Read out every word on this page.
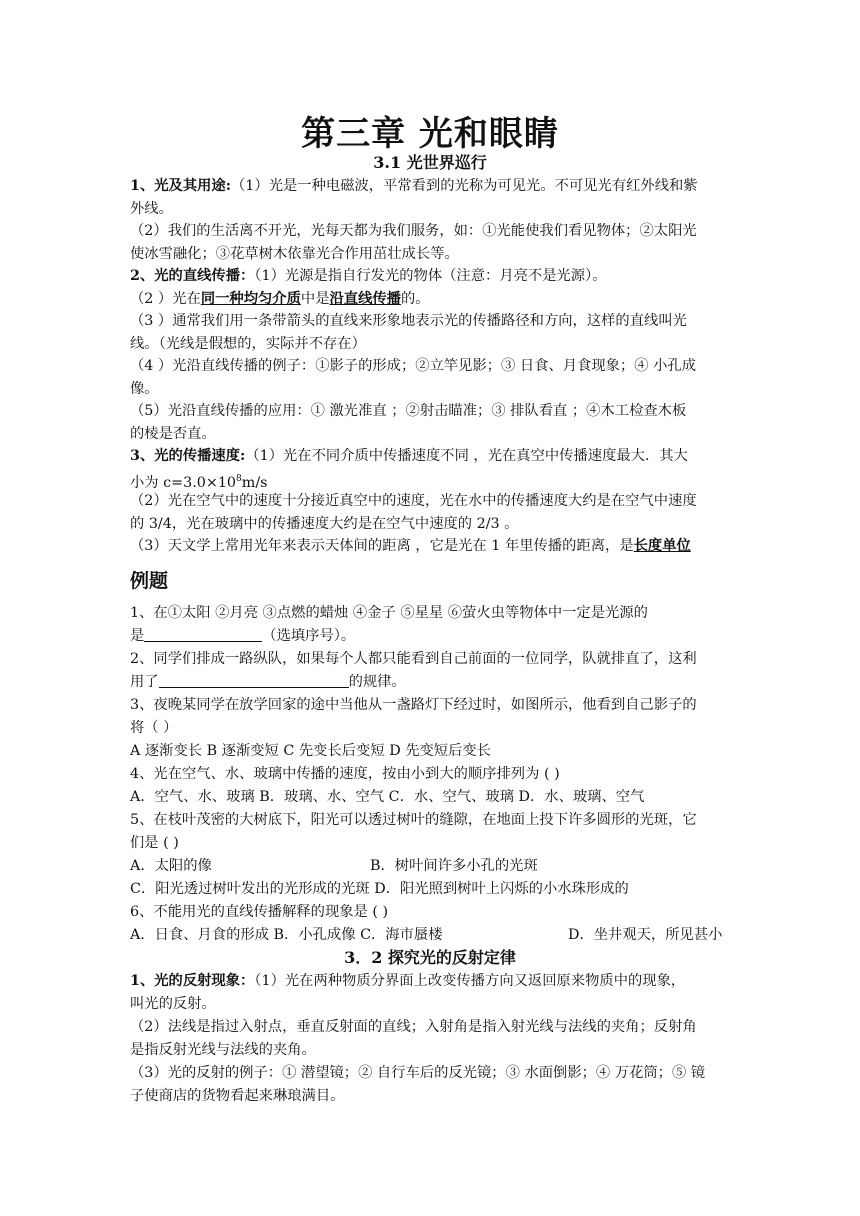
第三章 光和眼睛
3.1 光世界巡行
1、光及其用途:（1）光是一种电磁波，平常看到的光称为可见光。不可见光有红外线和紫
外线。
（2）我们的生活离不开光，光每天都为我们服务，如：①光能使我们看见物体；②太阳光
使冰雪融化；③花草树木依靠光合作用茁壮成长等。
2、光的直线传播：（1）光源是指自行发光的物体（注意：月亮不是光源）。
（2 ）光在同一种均匀介质中是沿直线传播的。
（3 ）通常我们用一条带箭头的直线来形象地表示光的传播路径和方向，这样的直线叫光
线。（光线是假想的，实际并不存在）
（4 ）光沿直线传播的例子：①影子的形成；②立竿见影；③ 日食、月食现象；④ 小孔成
像。
（5）光沿直线传播的应用：① 激光准直 ；②射击瞄准；③ 排队看直 ；④木工检查木板
的棱是否直。
3、光的传播速度:（1）光在不同介质中传播速度不同 ，光在真空中传播速度最大．其大
小为 $c=3.0\times 10^8m/s$
（2）光在空气中的速度十分接近真空中的速度，光在水中的传播速度大约是在空气中速度
的 3/4，光在玻璃中的传播速度大约是在空气中速度的 2/3 。
（3）天文学上常用光年来表示天体间的距离 ，它是光在 1 年里传播的距离，是长度单位
例题
1、在①太阳 ②月亮 ③点燃的蜡烛 ④金子 ⑤星星 ⑥萤火虫等物体中一定是光源的
是	（选填序号）。
2、同学们排成一路纵队，如果每个人都只能看到自己前面的一位同学，队就排直了，这利
用了	的规律。
3、夜晚某同学在放学回家的途中当他从一盏路灯下经过时，如图所示，他看到自己影子的
将（ ）
A 逐渐变长 B 逐渐变短 C 先变长后变短 D 先变短后变长
4、光在空气、水、玻璃中传播的速度，按由小到大的顺序排列为 ( )
A．空气、水、玻璃 B．玻璃、水、空气 C．水、空气、玻璃 D．水、玻璃、空气
5、在枝叶茂密的大树底下，阳光可以透过树叶的缝隙，在地面上投下许多圆形的光斑，它
们是 ( )
A．太阳的像	B．树叶间许多小孔的光斑
C．阳光透过树叶发出的光形成的光斑 D．阳光照到树叶上闪烁的小水珠形成的
6、不能用光的直线传播解释的现象是 ( )
A．日食、月食的形成 B．小孔成像 C．海市蜃楼	D．坐井观天，所见甚小
3．2 探究光的反射定律
1、光的反射现象：（1）光在两种物质分界面上改变传播方向又返回原来物质中的现象，
叫光的反射。
（2）法线是指过入射点，垂直反射面的直线；入射角是指入射光线与法线的夹角；反射角
是指反射光线与法线的夹角。
（3）光的反射的例子：① 潜望镜；② 自行车后的反光镜；③ 水面倒影；④ 万花筒；⑤ 镜
子使商店的货物看起来琳琅满目。
